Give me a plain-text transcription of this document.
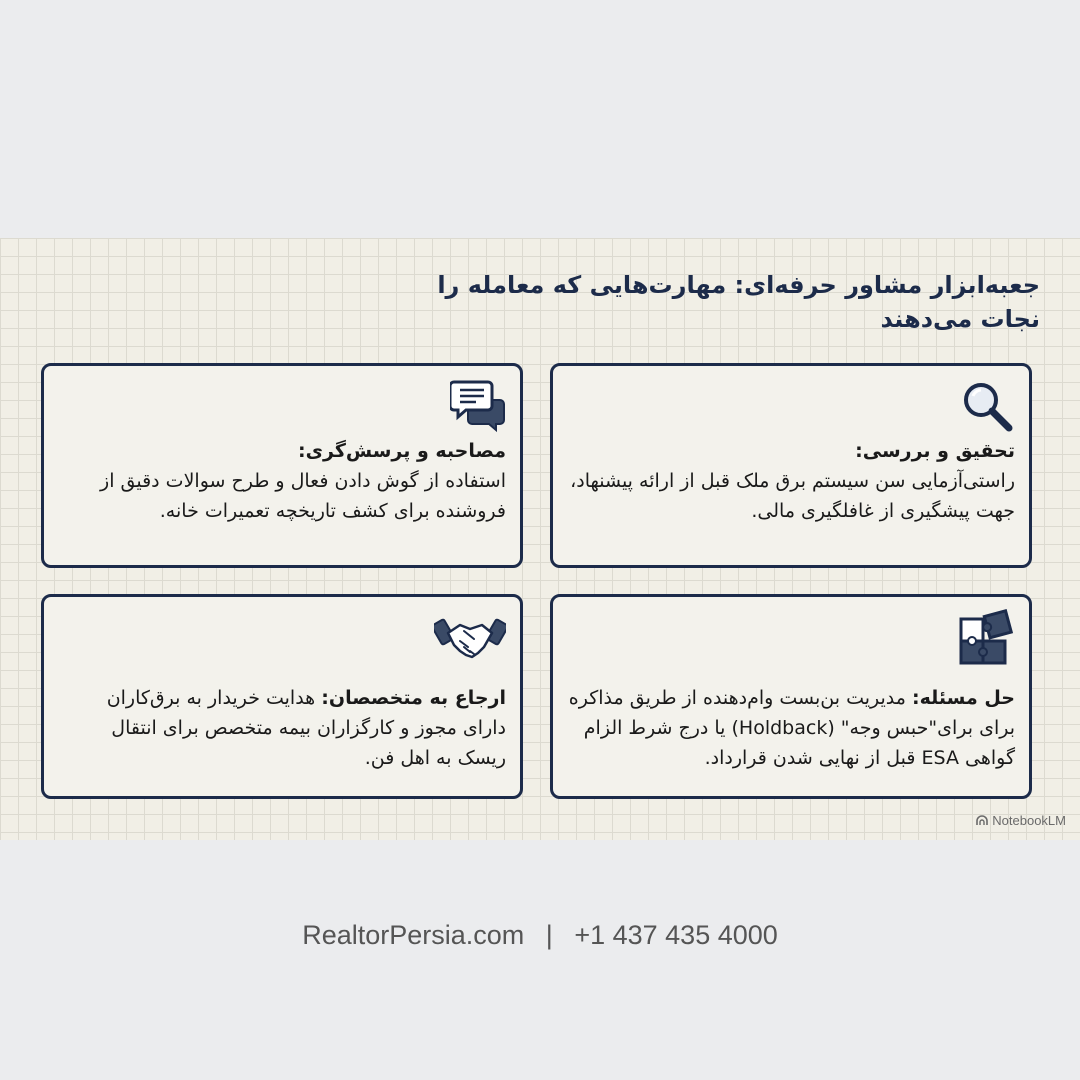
جعبه‌ابزار مشاور حرفه‌ای: مهارت‌هایی که معامله را نجات می‌دهند
تحقیق و بررسی:
راستی‌آزمایی سن سیستم برق ملک قبل از ارائه پیشنهاد، جهت پیشگیری از غافلگیری مالی.
مصاحبه و پرسش‌گری:
استفاده از گوش دادن فعال و طرح سوالات دقیق از فروشنده برای کشف تاریخچه تعمیرات خانه.
حل مسئله: مدیریت بن‌بست وام‌دهنده از طریق مذاکره برای برای"حبس وجه" (Holdback) یا درج شرط الزام گواهی ESA قبل از نهایی شدن قرارداد.
ارجاع به متخصصان: هدایت خریدار به برق‌کاران دارای مجوز و کارگزاران بیمه متخصص برای انتقال ریسک به اهل فن.
NotebookLM
RealtorPersia.com | +1 437 435 4000
